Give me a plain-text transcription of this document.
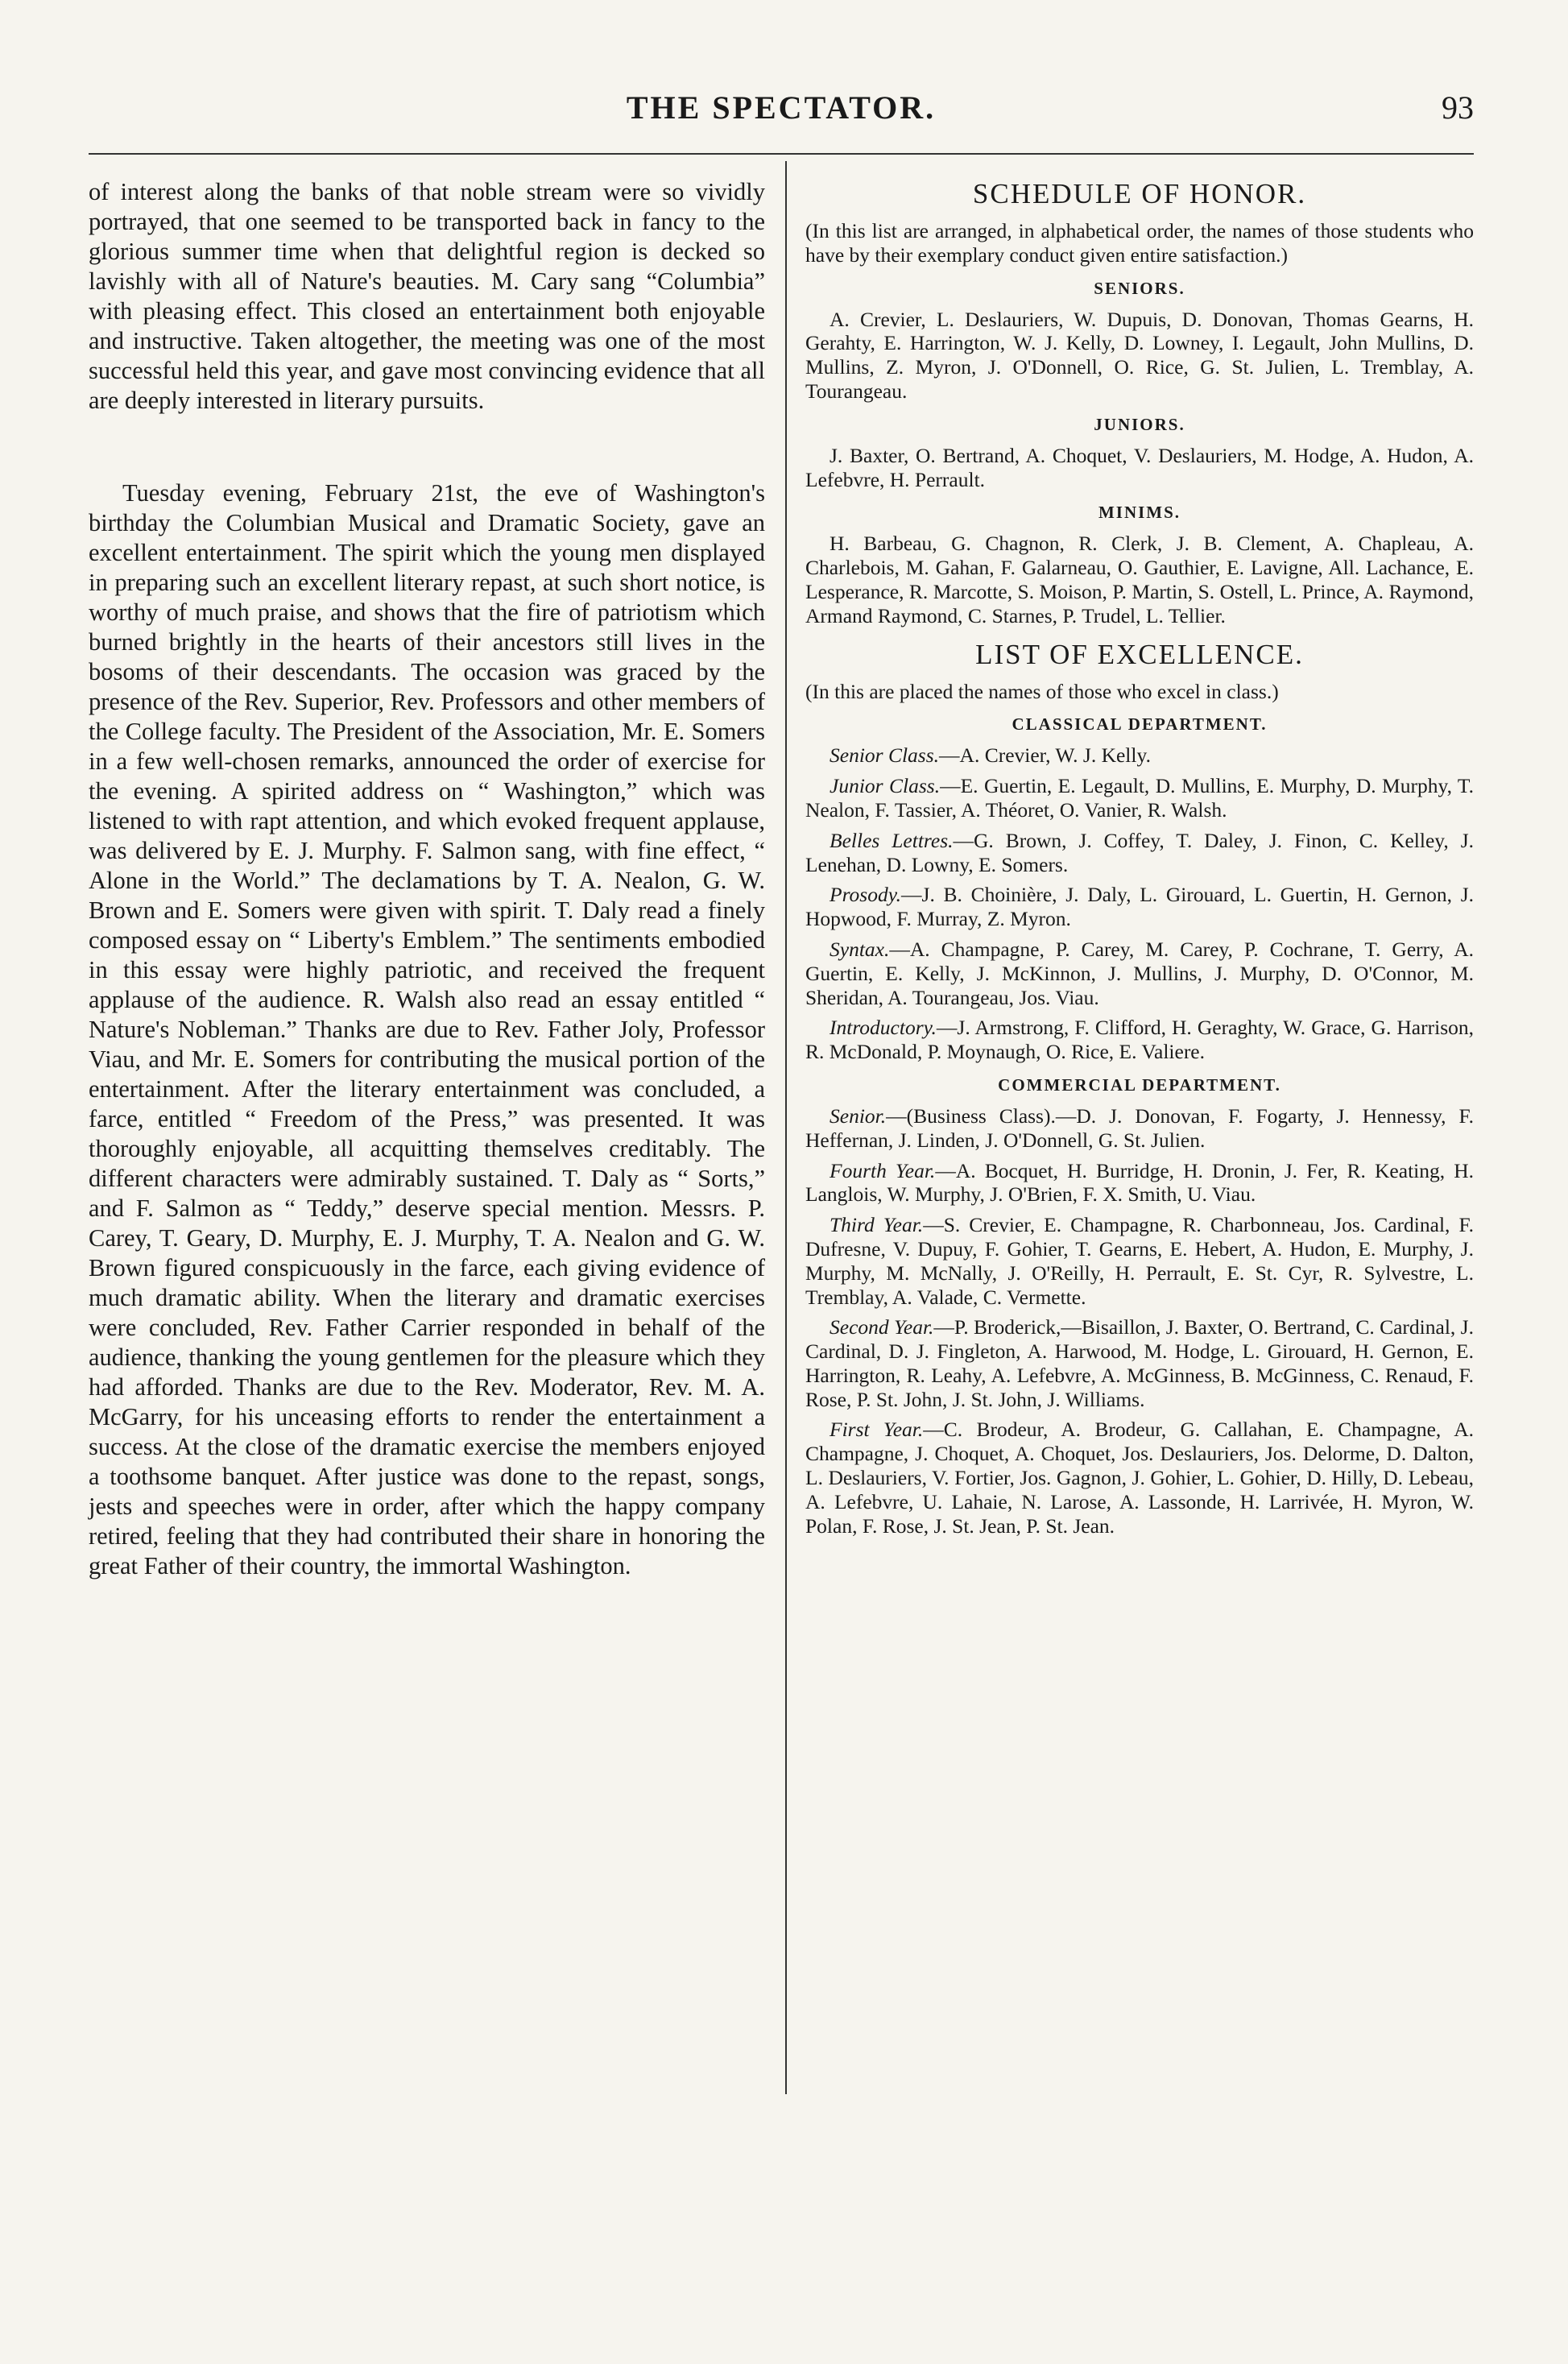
THE SPECTATOR.	93

of interest along the banks of that noble stream were so vividly portrayed, that one seemed to be transported back in fancy to the glorious summer time when that delightful region is decked so lavishly with all of Nature's beauties. M. Cary sang “Columbia” with pleasing effect. This closed an entertainment both enjoyable and instructive. Taken altogether, the meeting was one of the most successful held this year, and gave most convincing evidence that all are deeply interested in literary pursuits.

Tuesday evening, February 21st, the eve of Washington's birthday the Columbian Musical and Dramatic Society, gave an excellent entertainment. The spirit which the young men displayed in preparing such an excellent literary repast, at such short notice, is worthy of much praise, and shows that the fire of patriotism which burned brightly in the hearts of their ancestors still lives in the bosoms of their descendants. The occasion was graced by the presence of the Rev. Superior, Rev. Professors and other members of the College faculty. The President of the Association, Mr. E. Somers in a few well-chosen remarks, announced the order of exercise for the evening. A spirited address on “ Washington,” which was listened to with rapt attention, and which evoked frequent applause, was delivered by E. J. Murphy. F. Salmon sang, with fine effect, “ Alone in the World.” The declamations by T. A. Nealon, G. W. Brown and E. Somers were given with spirit. T. Daly read a finely composed essay on “ Liberty's Emblem.” The sentiments embodied in this essay were highly patriotic, and received the frequent applause of the audience. R. Walsh also read an essay entitled “ Nature's Nobleman.” Thanks are due to Rev. Father Joly, Professor Viau, and Mr. E. Somers for contributing the musical portion of the entertainment. After the literary entertainment was concluded, a farce, entitled “ Freedom of the Press,” was presented. It was thoroughly enjoyable, all acquitting themselves creditably. The different characters were admirably sustained. T. Daly as “ Sorts,” and F. Salmon as “ Teddy,” deserve special mention. Messrs. P. Carey, T. Geary, D. Murphy, E. J. Murphy, T. A. Nealon and G. W. Brown figured conspicuously in the farce, each giving evidence of much dramatic ability. When the literary and dramatic exercises were concluded, Rev. Father Carrier responded in behalf of the audience, thanking the young gentlemen for the pleasure which they had afforded. Thanks are due to the Rev. Moderator, Rev. M. A. McGarry, for his unceasing efforts to render the entertainment a success. At the close of the dramatic exercise the members enjoyed a toothsome banquet. After justice was done to the repast, songs, jests and speeches were in order, after which the happy company retired, feeling that they had contributed their share in honoring the great Father of their country, the immortal Washington.

SCHEDULE OF HONOR.

(In this list are arranged, in alphabetical order, the names of those students who have by their exemplary conduct given entire satisfaction.)

SENIORS.

A. Crevier, L. Deslauriers, W. Dupuis, D. Donovan, Thomas Gearns, H. Gerahty, E. Harrington, W. J. Kelly, D. Lowney, I. Legault, John Mullins, D. Mullins, Z. Myron, J. O'Donnell, O. Rice, G. St. Julien, L. Tremblay, A. Tourangeau.

JUNIORS.

J. Baxter, O. Bertrand, A. Choquet, V. Deslauriers, M. Hodge, A. Hudon, A. Lefebvre, H. Perrault.

MINIMS.

H. Barbeau, G. Chagnon, R. Clerk, J. B. Clement, A. Chapleau, A. Charlebois, M. Gahan, F. Galarneau, O. Gauthier, E. Lavigne, All. Lachance, E. Lesperance, R. Marcotte, S. Moison, P. Martin, S. Ostell, L. Prince, A. Raymond, Armand Raymond, C. Starnes, P. Trudel, L. Tellier.

LIST OF EXCELLENCE.

(In this are placed the names of those who excel in class.)

CLASSICAL DEPARTMENT.

Senior Class.—A. Crevier, W. J. Kelly.

Junior Class.—E. Guertin, E. Legault, D. Mullins, E. Murphy, D. Murphy, T. Nealon, F. Tassier, A. Théoret, O. Vanier, R. Walsh.

Belles Lettres.—G. Brown, J. Coffey, T. Daley, J. Finon, C. Kelley, J. Lenehan, D. Lowny, E. Somers.

Prosody.—J. B. Choinière, J. Daly, L. Girouard, L. Guertin, H. Gernon, J. Hopwood, F. Murray, Z. Myron.

Syntax.—A. Champagne, P. Carey, M. Carey, P. Cochrane, T. Gerry, A. Guertin, E. Kelly, J. McKinnon, J. Mullins, J. Murphy, D. O'Connor, M. Sheridan, A. Tourangeau, Jos. Viau.

Introductory.—J. Armstrong, F. Clifford, H. Geraghty, W. Grace, G. Harrison, R. McDonald, P. Moynaugh, O. Rice, E. Valiere.

COMMERCIAL DEPARTMENT.

Senior.—(Business Class).—D. J. Donovan, F. Fogarty, J. Hennessy, F. Heffernan, J. Linden, J. O'Donnell, G. St. Julien.

Fourth Year.—A. Bocquet, H. Burridge, H. Dronin, J. Fer, R. Keating, H. Langlois, W. Murphy, J. O'Brien, F. X. Smith, U. Viau.

Third Year.—S. Crevier, E. Champagne, R. Charbonneau, Jos. Cardinal, F. Dufresne, V. Dupuy, F. Gohier, T. Gearns, E. Hebert, A. Hudon, E. Murphy, J. Murphy, M. McNally, J. O'Reilly, H. Perrault, E. St. Cyr, R. Sylvestre, L. Tremblay, A. Valade, C. Vermette.

Second Year.—P. Broderick,—Bisaillon, J. Baxter, O. Bertrand, C. Cardinal, J. Cardinal, D. J. Fingleton, A. Harwood, M. Hodge, L. Girouard, H. Gernon, E. Harrington, R. Leahy, A. Lefebvre, A. McGinness, B. McGinness, C. Renaud, F. Rose, P. St. John, J. St. John, J. Williams.

First Year.—C. Brodeur, A. Brodeur, G. Callahan, E. Champagne, A. Champagne, J. Choquet, A. Choquet, Jos. Deslauriers, Jos. Delorme, D. Dalton, L. Deslauriers, V. Fortier, Jos. Gagnon, J. Gohier, L. Gohier, D. Hilly, D. Lebeau, A. Lefebvre, U. Lahaie, N. Larose, A. Lassonde, H. Larrivée, H. Myron, W. Polan, F. Rose, J. St. Jean, P. St. Jean.
